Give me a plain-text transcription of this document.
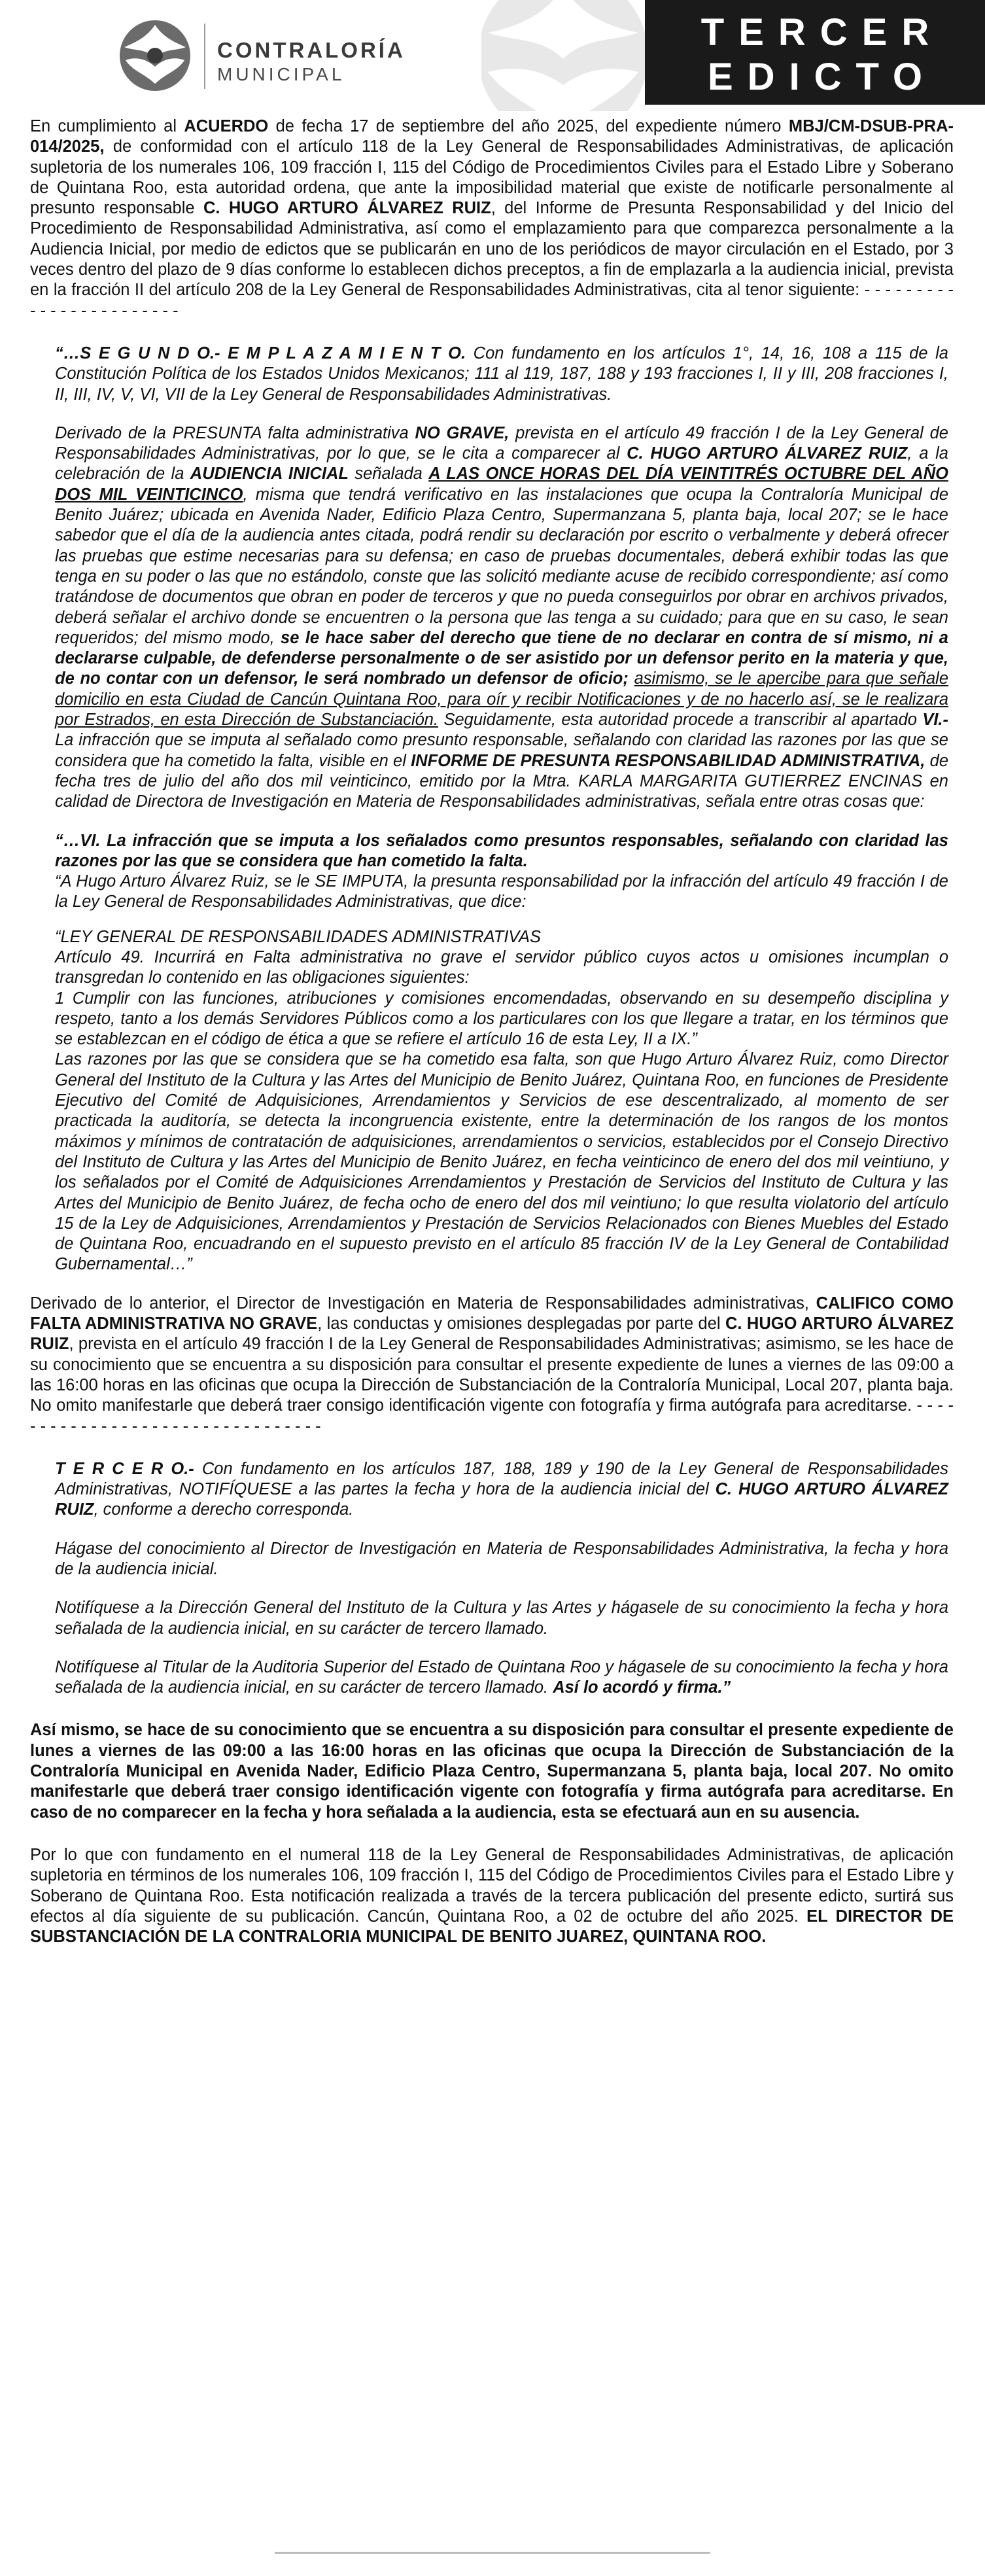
CONTRALORÍA
MUNICIPAL
TERCER
EDICTO

En cumplimiento al ACUERDO de fecha 17 de septiembre del año 2025, del expediente número MBJ/CM-DSUB-PRA-014/2025, de conformidad con el artículo 118 de la Ley General de Responsabilidades Administrativas, de aplicación supletoria de los numerales 106, 109 fracción I, 115 del Código de Procedimientos Civiles para el Estado Libre y Soberano de Quintana Roo, esta autoridad ordena, que ante la imposibilidad material que existe de notificarle personalmente al presunto responsable C. HUGO ARTURO ÁLVAREZ RUIZ, del Informe de Presunta Responsabilidad y del Inicio del Procedimiento de Responsabilidad Administrativa, así como el emplazamiento para que comparezca personalmente a la Audiencia Inicial, por medio de edictos que se publicarán en uno de los periódicos de mayor circulación en el Estado, por 3 veces dentro del plazo de 9 días conforme lo establecen dichos preceptos, a fin de emplazarla a la audiencia inicial, prevista en la fracción II del artículo 208 de la Ley General de Responsabilidades Administrativas, cita al tenor siguiente: - - - - - - - - - - - - - - - - - - - - - - - -

“…S E G U N D O.- E M P L A Z A M I E N T O. Con fundamento en los artículos 1°, 14, 16, 108 a 115 de la Constitución Política de los Estados Unidos Mexicanos; 111 al 119, 187, 188 y 193 fracciones I, II y III, 208 fracciones I, II, III, IV, V, VI, VII de la Ley General de Responsabilidades Administrativas.

Derivado de la PRESUNTA falta administrativa NO GRAVE, prevista en el artículo 49 fracción I de la Ley General de Responsabilidades Administrativas, por lo que, se le cita a comparecer al C. HUGO ARTURO ÁLVAREZ RUIZ, a la celebración de la AUDIENCIA INICIAL señalada A LAS ONCE HORAS DEL DÍA VEINTITRÉS OCTUBRE DEL AÑO DOS MIL VEINTICINCO, misma que tendrá verificativo en las instalaciones que ocupa la Contraloría Municipal de Benito Juárez; ubicada en Avenida Nader, Edificio Plaza Centro, Supermanzana 5, planta baja, local 207; se le hace sabedor que el día de la audiencia antes citada, podrá rendir su declaración por escrito o verbalmente y deberá ofrecer las pruebas que estime necesarias para su defensa; en caso de pruebas documentales, deberá exhibir todas las que tenga en su poder o las que no estándolo, conste que las solicitó mediante acuse de recibido correspondiente; así como tratándose de documentos que obran en poder de terceros y que no pueda conseguirlos por obrar en archivos privados, deberá señalar el archivo donde se encuentren o la persona que las tenga a su cuidado; para que en su caso, le sean requeridos; del mismo modo, se le hace saber del derecho que tiene de no declarar en contra de sí mismo, ni a declararse culpable, de defenderse personalmente o de ser asistido por un defensor perito en la materia y que, de no contar con un defensor, le será nombrado un defensor de oficio; asimismo, se le apercibe para que señale domicilio en esta Ciudad de Cancún Quintana Roo, para oír y recibir Notificaciones y de no hacerlo así, se le realizara por Estrados, en esta Dirección de Substanciación. Seguidamente, esta autoridad procede a transcribir al apartado VI.- La infracción que se imputa al señalado como presunto responsable, señalando con claridad las razones por las que se considera que ha cometido la falta, visible en el INFORME DE PRESUNTA RESPONSABILIDAD ADMINISTRATIVA, de fecha tres de julio del año dos mil veinticinco, emitido por la Mtra. KARLA MARGARITA GUTIERREZ ENCINAS en calidad de Directora de Investigación en Materia de Responsabilidades administrativas, señala entre otras cosas que:

“…VI. La infracción que se imputa a los señalados como presuntos responsables, señalando con claridad las razones por las que se considera que han cometido la falta.

“A Hugo Arturo Álvarez Ruiz, se le SE IMPUTA, la presunta responsabilidad por la infracción del artículo 49 fracción I de la Ley General de Responsabilidades Administrativas, que dice:

“LEY GENERAL DE RESPONSABILIDADES ADMINISTRATIVAS

Artículo 49. Incurrirá en Falta administrativa no grave el servidor público cuyos actos u omisiones incumplan o transgredan lo contenido en las obligaciones siguientes:

1 Cumplir con las funciones, atribuciones y comisiones encomendadas, observando en su desempeño disciplina y respeto, tanto a los demás Servidores Públicos como a los particulares con los que llegare a tratar, en los términos que se establezcan en el código de ética a que se refiere el artículo 16 de esta Ley, II a IX.”

Las razones por las que se considera que se ha cometido esa falta, son que Hugo Arturo Álvarez Ruiz, como Director General del Instituto de la Cultura y las Artes del Municipio de Benito Juárez, Quintana Roo, en funciones de Presidente Ejecutivo del Comité de Adquisiciones, Arrendamientos y Servicios de ese descentralizado, al momento de ser practicada la auditoría, se detecta la incongruencia existente, entre la determinación de los rangos de los montos máximos y mínimos de contratación de adquisiciones, arrendamientos o servicios, establecidos por el Consejo Directivo del Instituto de Cultura y las Artes del Municipio de Benito Juárez, en fecha veinticinco de enero del dos mil veintiuno, y los señalados por el Comité de Adquisiciones Arrendamientos y Prestación de Servicios del Instituto de Cultura y las Artes del Municipio de Benito Juárez, de fecha ocho de enero del dos mil veintiuno; lo que resulta violatorio del artículo 15 de la Ley de Adquisiciones, Arrendamientos y Prestación de Servicios Relacionados con Bienes Muebles del Estado de Quintana Roo, encuadrando en el supuesto previsto en el artículo 85 fracción IV de la Ley General de Contabilidad Gubernamental…”

Derivado de lo anterior, el Director de Investigación en Materia de Responsabilidades administrativas, CALIFICO COMO FALTA ADMINISTRATIVA NO GRAVE, las conductas y omisiones desplegadas por parte del C. HUGO ARTURO ÁLVAREZ RUIZ, prevista en el artículo 49 fracción I de la Ley General de Responsabilidades Administrativas; asimismo, se les hace de su conocimiento que se encuentra a su disposición para consultar el presente expediente de lunes a viernes de las 09:00 a las 16:00 horas en las oficinas que ocupa la Dirección de Substanciación de la Contraloría Municipal, Local 207, planta baja. No omito manifestarle que deberá traer consigo identificación vigente con fotografía y firma autógrafa para acreditarse. - - - - - - - - - - - - - - - - - - - - - - - - - - - - - - - - -

T E R C E R O.- Con fundamento en los artículos 187, 188, 189 y 190 de la Ley General de Responsabilidades Administrativas, NOTIFÍQUESE a las partes la fecha y hora de la audiencia inicial del C. HUGO ARTURO ÁLVAREZ RUIZ, conforme a derecho corresponda.

Hágase del conocimiento al Director de Investigación en Materia de Responsabilidades Administrativa, la fecha y hora de la audiencia inicial.

Notifíquese a la Dirección General del Instituto de la Cultura y las Artes y hágasele de su conocimiento la fecha y hora señalada de la audiencia inicial, en su carácter de tercero llamado.

Notifíquese al Titular de la Auditoria Superior del Estado de Quintana Roo y hágasele de su conocimiento la fecha y hora señalada de la audiencia inicial, en su carácter de tercero llamado. Así lo acordó y firma.”

Así mismo, se hace de su conocimiento que se encuentra a su disposición para consultar el presente expediente de lunes a viernes de las 09:00 a las 16:00 horas en las oficinas que ocupa la Dirección de Substanciación de la Contraloría Municipal en Avenida Nader, Edificio Plaza Centro, Supermanzana 5, planta baja, local 207. No omito manifestarle que deberá traer consigo identificación vigente con fotografía y firma autógrafa para acreditarse. En caso de no comparecer en la fecha y hora señalada a la audiencia, esta se efectuará aun en su ausencia.

Por lo que con fundamento en el numeral 118 de la Ley General de Responsabilidades Administrativas, de aplicación supletoria en términos de los numerales 106, 109 fracción I, 115 del Código de Procedimientos Civiles para el Estado Libre y Soberano de Quintana Roo. Esta notificación realizada a través de la tercera publicación del presente edicto, surtirá sus efectos al día siguiente de su publicación. Cancún, Quintana Roo, a 02 de octubre del año 2025. EL DIRECTOR DE SUBSTANCIACIÓN DE LA CONTRALORIA MUNICIPAL DE BENITO JUAREZ, QUINTANA ROO.
